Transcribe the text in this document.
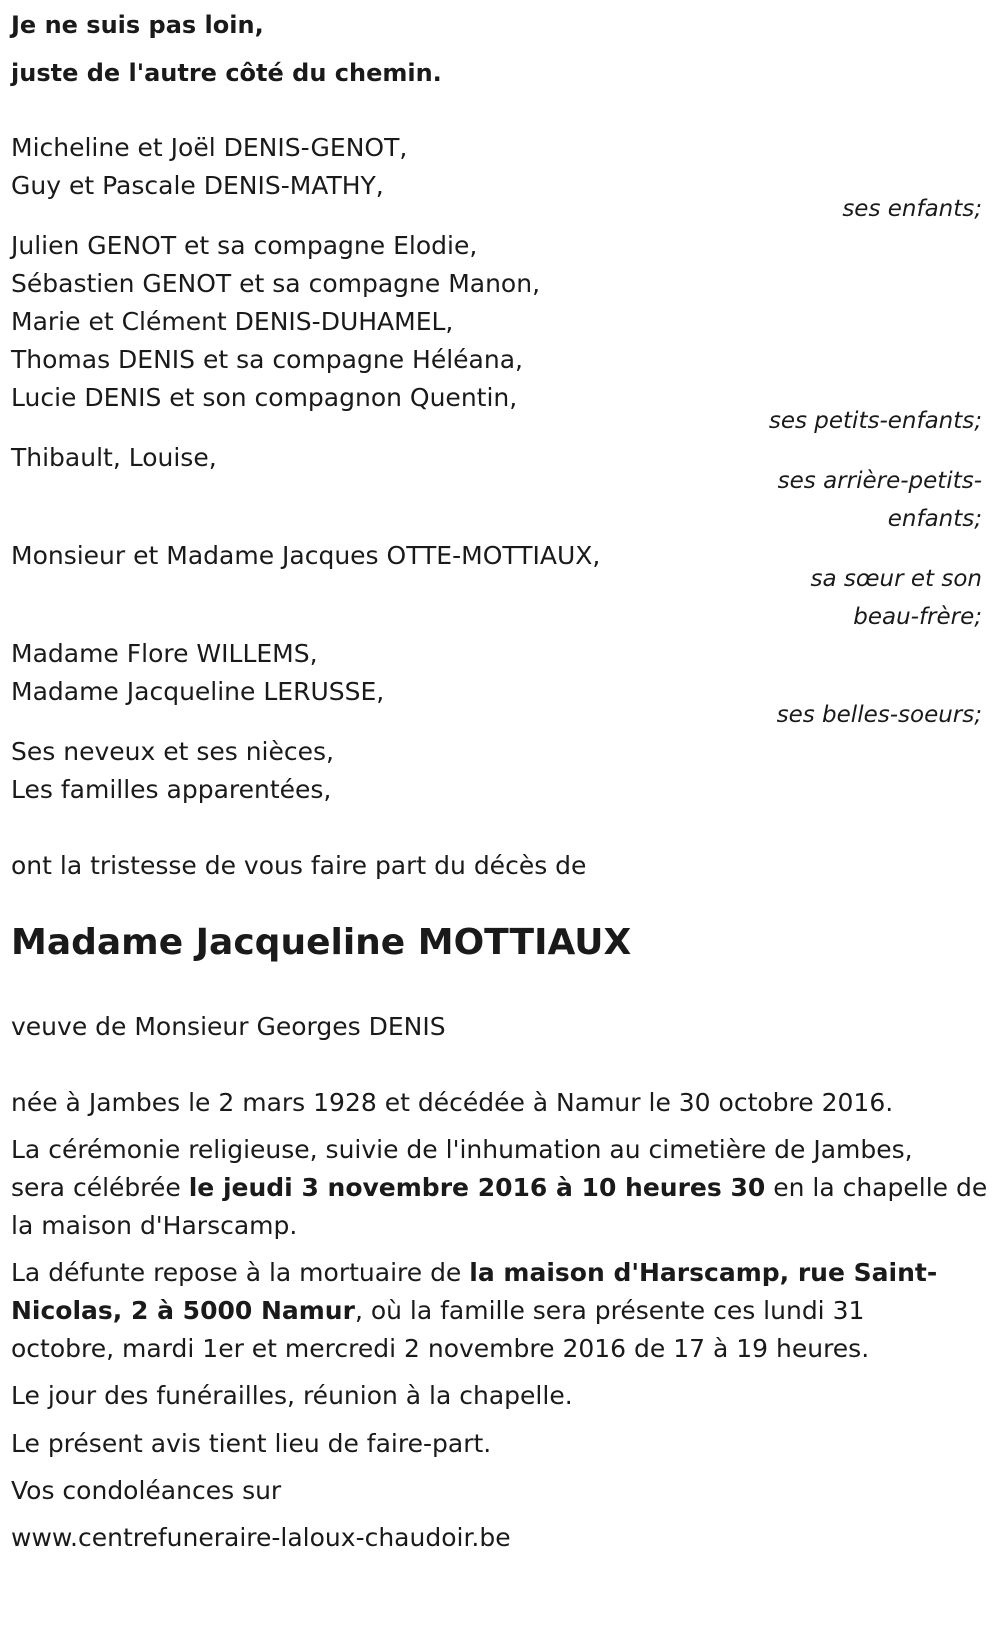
Je ne suis pas loin,
juste de l'autre côté du chemin.
Micheline et Joël DENIS-GENOT,
Guy et Pascale DENIS-MATHY,
ses enfants;
Julien GENOT et sa compagne Elodie,
Sébastien GENOT et sa compagne Manon,
Marie et Clément DENIS-DUHAMEL,
Thomas DENIS et sa compagne Héléana,
Lucie DENIS et son compagnon Quentin,
ses petits-enfants;
Thibault, Louise,
ses arrière-petits-
enfants;
Monsieur et Madame Jacques OTTE-MOTTIAUX,
sa sœur et son
beau-frère;
Madame Flore WILLEMS,
Madame Jacqueline LERUSSE,
ses belles-soeurs;
Ses neveux et ses nièces,
Les familles apparentées,
ont la tristesse de vous faire part du décès de
Madame Jacqueline MOTTIAUX
veuve de Monsieur Georges DENIS
née à Jambes le 2 mars 1928 et décédée à Namur le 30 octobre 2016.
La cérémonie religieuse, suivie de l'inhumation au cimetière de Jambes,
sera célébrée le jeudi 3 novembre 2016 à 10 heures 30 en la chapelle de
la maison d'Harscamp.
La défunte repose à la mortuaire de la maison d'Harscamp, rue Saint-
Nicolas, 2 à 5000 Namur, où la famille sera présente ces lundi 31
octobre, mardi 1er et mercredi 2 novembre 2016 de 17 à 19 heures.
Le jour des funérailles, réunion à la chapelle.
Le présent avis tient lieu de faire-part.
Vos condoléances sur
www.centrefuneraire-laloux-chaudoir.be
